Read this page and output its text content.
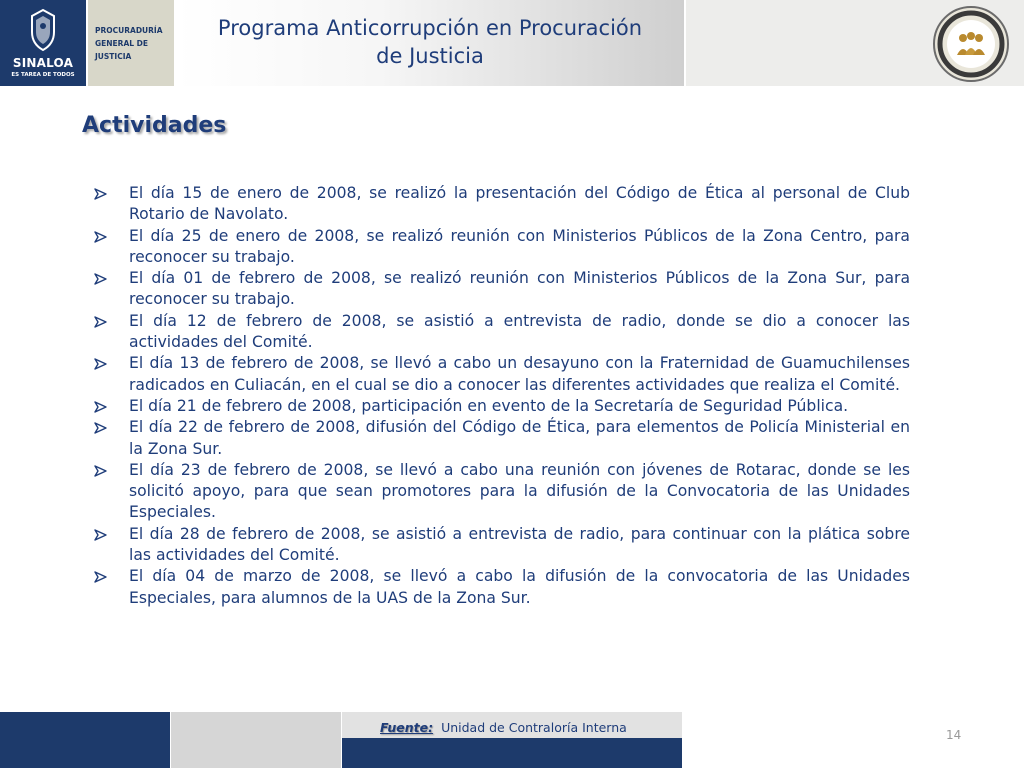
SINALOA
ES TAREA DE TODOS
PROCURADURÍA
GENERAL DE
JUSTICIA
Programa Anticorrupción en Procuración
de Justicia
Actividades
El día 15 de enero de 2008, se realizó la presentación del Código de Ética al personal de Club Rotario de Navolato.
El día 25 de enero de 2008, se realizó reunión con Ministerios Públicos de la Zona Centro, para reconocer su trabajo.
El día 01 de febrero de 2008, se realizó reunión con Ministerios Públicos de la Zona Sur, para reconocer su trabajo.
El día 12 de febrero de 2008, se asistió a entrevista de radio, donde se dio a conocer las actividades del Comité.
El día 13 de febrero de 2008, se llevó a cabo un desayuno con la Fraternidad de Guamuchilenses radicados en Culiacán, en el cual se dio a conocer las diferentes actividades que realiza el Comité.
El día 21 de febrero de 2008, participación en evento de la Secretaría de Seguridad Pública.
El día 22 de febrero de 2008, difusión del Código de Ética, para elementos de Policía Ministerial en la Zona Sur.
El día 23 de febrero de 2008, se llevó a cabo una reunión con jóvenes de Rotarac, donde se les solicitó apoyo, para que sean promotores para la difusión de la Convocatoria de las Unidades Especiales.
El día 28 de febrero de 2008, se asistió a entrevista de radio, para continuar con la plática sobre las actividades del Comité.
El día 04 de marzo de 2008, se llevó a cabo la difusión de la convocatoria de las Unidades Especiales, para alumnos de la UAS de la Zona Sur.
Fuente: Unidad de Contraloría Interna	14
